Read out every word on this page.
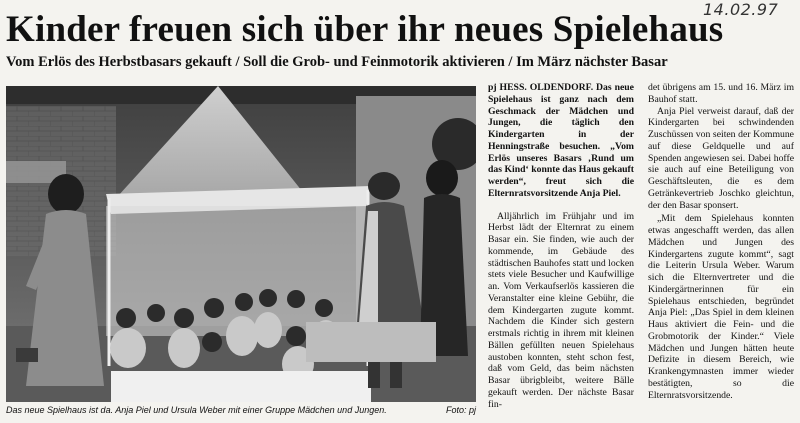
14.02.97
Kinder freuen sich über ihr neues Spielehaus
Vom Erlös des Herbstbasars gekauft / Soll die Grob- und Feinmotorik aktivieren / Im März nächster Basar
Das neue Spielhaus ist da. Anja Piel und Ursula Weber mit einer Gruppe Mädchen und Jungen.	Foto: pj

pj HESS. OLDENDORF. Das neue Spielehaus ist ganz nach dem Geschmack der Mädchen und Jungen, die täglich den Kindergarten in der Henningstraße besuchen. „Vom Erlös unseres Basars ‚Rund um das Kind‘ konnte das Haus gekauft werden“, freut sich die Elternratsvorsitzende Anja Piel.

Alljährlich im Frühjahr und im Herbst lädt der Elternrat zu einem Basar ein. Sie finden, wie auch der kommende, im Gebäude des städtischen Bauhofes statt und locken stets viele Besucher und Kaufwillige an. Vom Verkaufserlös kassieren die Veranstalter eine kleine Gebühr, die dem Kindergarten zugute kommt. Nachdem die Kinder sich gestern erstmals richtig in ihrem mit kleinen Bällen gefüllten neuen Spielehaus austoben konnten, steht schon fest, daß vom Geld, das beim nächsten Basar übrigbleibt, weitere Bälle gekauft werden. Der nächste Basar fin-

det übrigens am 15. und 16. März im Bauhof statt.

Anja Piel verweist darauf, daß der Kindergarten bei schwindenden Zuschüssen von seiten der Kommune auf diese Geldquelle und auf Spenden angewiesen sei. Dabei hoffe sie auch auf eine Beteiligung von Geschäftsleuten, die es dem Getränkevertrieb Joschko gleichtun, der den Basar sponsert.

„Mit dem Spielehaus konnten etwas angeschafft werden, das allen Mädchen und Jungen des Kindergartens zugute kommt“, sagt die Leiterin Ursula Weber. Warum sich die Elternvertreter und die Kindergärtnerinnen für ein Spielehaus entschieden, begründet Anja Piel: „Das Spiel in dem kleinen Haus aktiviert die Fein- und die Grobmotorik der Kinder.“ Viele Mädchen und Jungen hätten heute Defizite in diesem Bereich, wie Krankengymnasten immer wieder bestätigten, so die Elternratsvorsitzende.
